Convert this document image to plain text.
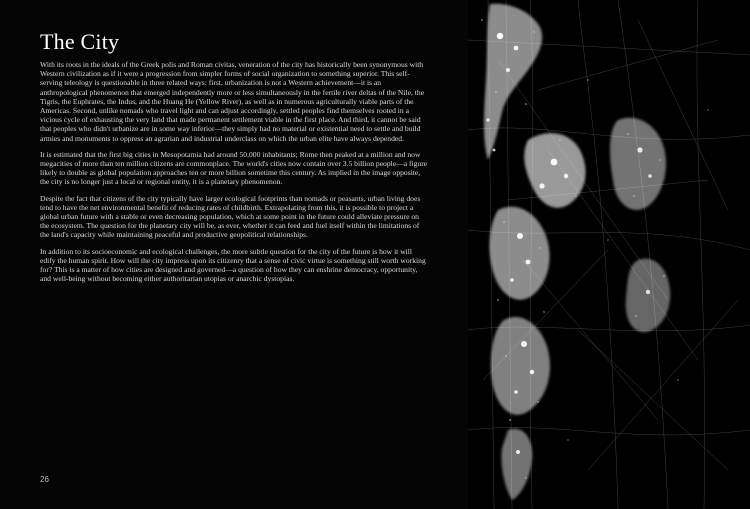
The City

With its roots in the ideals of the Greek polis and Roman civitas, veneration of the city has historically been synonymous with Western civilization as if it were a progression from simpler forms of social organization to something superior. This self-serving teleology is questionable in three related ways: first, urbanization is not a Western achievement—it is an anthropological phenomenon that emerged independently more or less simultaneously in the fertile river deltas of the Nile, the Tigris, the Euphrates, the Indus, and the Huang He (Yellow River), as well as in numerous agriculturally viable parts of the Americas. Second, unlike nomads who travel light and can adjust accordingly, settled peoples find themselves rooted in a vicious cycle of exhausting the very land that made permanent settlement viable in the first place. And third, it cannot be said that peoples who didn't urbanize are in some way inferior—they simply had no material or existential need to settle and build armies and monuments to oppress an agrarian and industrial underclass on which the urban elite have always depended.

It is estimated that the first big cities in Mesopotamia had around 50,000 inhabitants; Rome then peaked at a million and now megacities of more than ten million citizens are commonplace. The world's cities now contain over 3.5 billion people—a figure likely to double as global population approaches ten or more billion sometime this century. As implied in the image opposite, the city is no longer just a local or regional entity, it is a planetary phenomenon.

Despite the fact that citizens of the city typically have larger ecological footprints than nomads or peasants, urban living does tend to have the net environmental benefit of reducing rates of childbirth. Extrapolating from this, it is possible to project a global urban future with a stable or even decreasing population, which at some point in the future could alleviate pressure on the ecosystem. The question for the planetary city will be, as ever, whether it can feed and fuel itself within the limitations of the land's capacity while maintaining peaceful and productive geopolitical relationships.

In addition to its socioeconomic and ecological challenges, the more subtle question for the city of the future is how it will edify the human spirit. How will the city impress upon its citizenry that a sense of civic virtue is something still worth working for? This is a matter of how cities are designed and governed—a question of how they can enshrine democracy, opportunity, and well-being without becoming either authoritarian utopias or anarchic dystopias.

26
